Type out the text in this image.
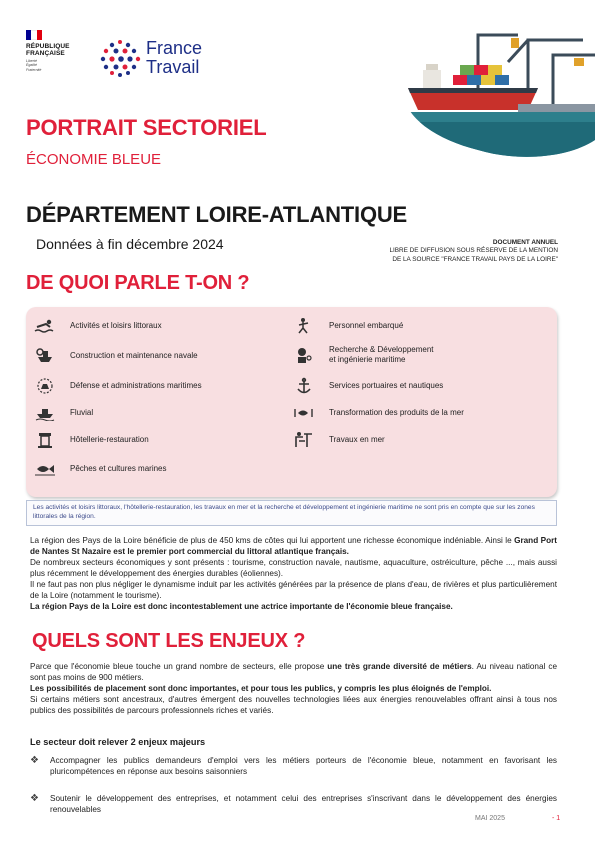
RÉPUBLIQUE
FRANÇAISE
Liberté
Égalité
Fraternité
France
Travail
PORTRAIT SECTORIEL
ÉCONOMIE BLEUE
DÉPARTEMENT LOIRE-ATLANTIQUE
Données à fin décembre 2024	DOCUMENT ANNUEL
LIBRE DE DIFFUSION SOUS RÉSERVE DE LA MENTION
DE LA SOURCE "FRANCE TRAVAIL PAYS DE LA LOIRE"
DE QUOI PARLE T-ON ?
Activités et loisirs littoraux
Construction et maintenance navale
Défense et administrations maritimes
Fluvial
Hôtellerie-restauration
Pêches et cultures marines
Personnel embarqué
Recherche & Développement
et ingénierie maritime
Services portuaires et nautiques
Transformation des produits de la mer
Travaux en mer
Les activités et loisirs littoraux, l'hôtellerie-restauration, les travaux en mer et la recherche et développement et ingénierie maritime ne sont pris en compte que sur les zones littorales de la région.
La région des Pays de la Loire bénéficie de plus de 450 kms de côtes qui lui apportent une richesse économique indéniable. Ainsi le Grand Port de Nantes St Nazaire est le premier port commercial du littoral atlantique français.
De nombreux secteurs économiques y sont présents : tourisme, construction navale, nautisme, aquaculture, ostréiculture, pêche ..., mais aussi plus récemment le développement des énergies durables (éoliennes).
Il ne faut pas non plus négliger le dynamisme induit par les activités générées par la présence de plans d'eau, de rivières et plus particulièrement de la Loire (notamment le tourisme).
La région Pays de la Loire est donc incontestablement une actrice importante de l'économie bleue française.
QUELS SONT LES ENJEUX ?
Parce que l'économie bleue touche un grand nombre de secteurs, elle propose une très grande diversité de métiers. Au niveau national ce sont pas moins de 900 métiers.
Les possibilités de placement sont donc importantes, et pour tous les publics, y compris les plus éloignés de l'emploi.
Si certains métiers sont ancestraux, d'autres émergent des nouvelles technologies liées aux énergies renouvelables offrant ainsi à tous nos publics des possibilités de parcours professionnels riches et variés.
Le secteur doit relever 2 enjeux majeurs
❖	Accompagner les publics demandeurs d'emploi vers les métiers porteurs de l'économie bleue, notamment en favorisant les pluricompétences en réponse aux besoins saisonniers
❖	Soutenir le développement des entreprises, et notamment celui des entreprises s'inscrivant dans le développement des énergies renouvelables
MAI 2025	- 1
